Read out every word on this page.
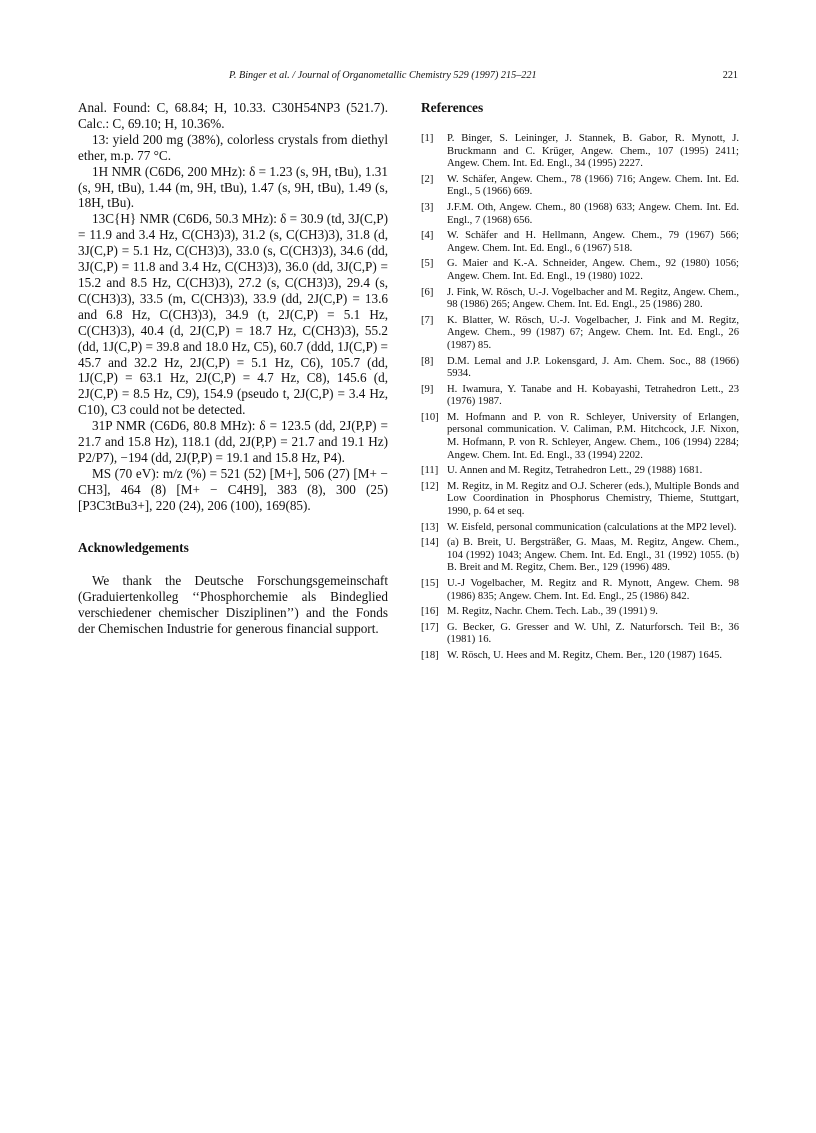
P. Binger et al. / Journal of Organometallic Chemistry 529 (1997) 215–221	221

Anal. Found: C, 68.84; H, 10.33. C30H54NP3 (521.7). Calc.: C, 69.10; H, 10.36%.

13: yield 200 mg (38%), colorless crystals from diethyl ether, m.p. 77 °C.

1H NMR (C6D6, 200 MHz): δ = 1.23 (s, 9H, tBu), 1.31 (s, 9H, tBu), 1.44 (m, 9H, tBu), 1.47 (s, 9H, tBu), 1.49 (s, 18H, tBu).

13C{H} NMR (C6D6, 50.3 MHz): δ = 30.9 (td, 3J(C,P) = 11.9 and 3.4 Hz, C(CH3)3), 31.2 (s, C(CH3)3), 31.8 (d, 3J(C,P) = 5.1 Hz, C(CH3)3), 33.0 (s, C(CH3)3), 34.6 (dd, 3J(C,P) = 11.8 and 3.4 Hz, C(CH3)3), 36.0 (dd, 3J(C,P) = 15.2 and 8.5 Hz, C(CH3)3), 27.2 (s, C(CH3)3), 29.4 (s, C(CH3)3), 33.5 (m, C(CH3)3), 33.9 (dd, 2J(C,P) = 13.6 and 6.8 Hz, C(CH3)3), 34.9 (t, 2J(C,P) = 5.1 Hz, C(CH3)3), 40.4 (d, 2J(C,P) = 18.7 Hz, C(CH3)3), 55.2 (dd, 1J(C,P) = 39.8 and 18.0 Hz, C5), 60.7 (ddd, 1J(C,P) = 45.7 and 32.2 Hz, 2J(C,P) = 5.1 Hz, C6), 105.7 (dd, 1J(C,P) = 63.1 Hz, 2J(C,P) = 4.7 Hz, C8), 145.6 (d, 2J(C,P) = 8.5 Hz, C9), 154.9 (pseudo t, 2J(C,P) = 3.4 Hz, C10), C3 could not be detected.

31P NMR (C6D6, 80.8 MHz): δ = 123.5 (dd, 2J(P,P) = 21.7 and 15.8 Hz), 118.1 (dd, 2J(P,P) = 21.7 and 19.1 Hz) P2/P7), −194 (dd, 2J(P,P) = 19.1 and 15.8 Hz, P4).

MS (70 eV): m/z (%) = 521 (52) [M+], 506 (27) [M+ − CH3], 464 (8) [M+ − C4H9], 383 (8), 300 (25) [P3C3tBu3+], 220 (24), 206 (100), 169(85).

Acknowledgements

We thank the Deutsche Forschungsgemeinschaft (Graduiertenkolleg ‘‘Phosphorchemie als Bindeglied verschiedener chemischer Disziplinen’’) and the Fonds der Chemischen Industrie for generous financial support.

References
[1]	P. Binger, S. Leininger, J. Stannek, B. Gabor, R. Mynott, J. Bruckmann and C. Krüger, Angew. Chem., 107 (1995) 2411; Angew. Chem. Int. Ed. Engl., 34 (1995) 2227.
[2]	W. Schäfer, Angew. Chem., 78 (1966) 716; Angew. Chem. Int. Ed. Engl., 5 (1966) 669.
[3]	J.F.M. Oth, Angew. Chem., 80 (1968) 633; Angew. Chem. Int. Ed. Engl., 7 (1968) 656.
[4]	W. Schäfer and H. Hellmann, Angew. Chem., 79 (1967) 566; Angew. Chem. Int. Ed. Engl., 6 (1967) 518.
[5]	G. Maier and K.-A. Schneider, Angew. Chem., 92 (1980) 1056; Angew. Chem. Int. Ed. Engl., 19 (1980) 1022.
[6]	J. Fink, W. Rösch, U.-J. Vogelbacher and M. Regitz, Angew. Chem., 98 (1986) 265; Angew. Chem. Int. Ed. Engl., 25 (1986) 280.
[7]	K. Blatter, W. Rösch, U.-J. Vogelbacher, J. Fink and M. Regitz, Angew. Chem., 99 (1987) 67; Angew. Chem. Int. Ed. Engl., 26 (1987) 85.
[8]	D.M. Lemal and J.P. Lokensgard, J. Am. Chem. Soc., 88 (1966) 5934.
[9]	H. Iwamura, Y. Tanabe and H. Kobayashi, Tetrahedron Lett., 23 (1976) 1987.
[10] M. Hofmann and P. von R. Schleyer, University of Erlangen, personal communication. V. Caliman, P.M. Hitchcock, J.F. Nixon, M. Hofmann, P. von R. Schleyer, Angew. Chem., 106 (1994) 2284; Angew. Chem. Int. Ed. Engl., 33 (1994) 2202.
[11] U. Annen and M. Regitz, Tetrahedron Lett., 29 (1988) 1681.
[12] M. Regitz, in M. Regitz and O.J. Scherer (eds.), Multiple Bonds and Low Coordination in Phosphorus Chemistry, Thieme, Stuttgart, 1990, p. 64 et seq.
[13] W. Eisfeld, personal communication (calculations at the MP2 level).
[14] (a) B. Breit, U. Bergsträßer, G. Maas, M. Regitz, Angew. Chem., 104 (1992) 1043; Angew. Chem. Int. Ed. Engl., 31 (1992) 1055. (b) B. Breit and M. Regitz, Chem. Ber., 129 (1996) 489.
[15] U.-J Vogelbacher, M. Regitz and R. Mynott, Angew. Chem. 98 (1986) 835; Angew. Chem. Int. Ed. Engl., 25 (1986) 842.
[16] M. Regitz, Nachr. Chem. Tech. Lab., 39 (1991) 9.
[17] G. Becker, G. Gresser and W. Uhl, Z. Naturforsch. Teil B:, 36 (1981) 16.
[18] W. Rösch, U. Hees and M. Regitz, Chem. Ber., 120 (1987) 1645.
